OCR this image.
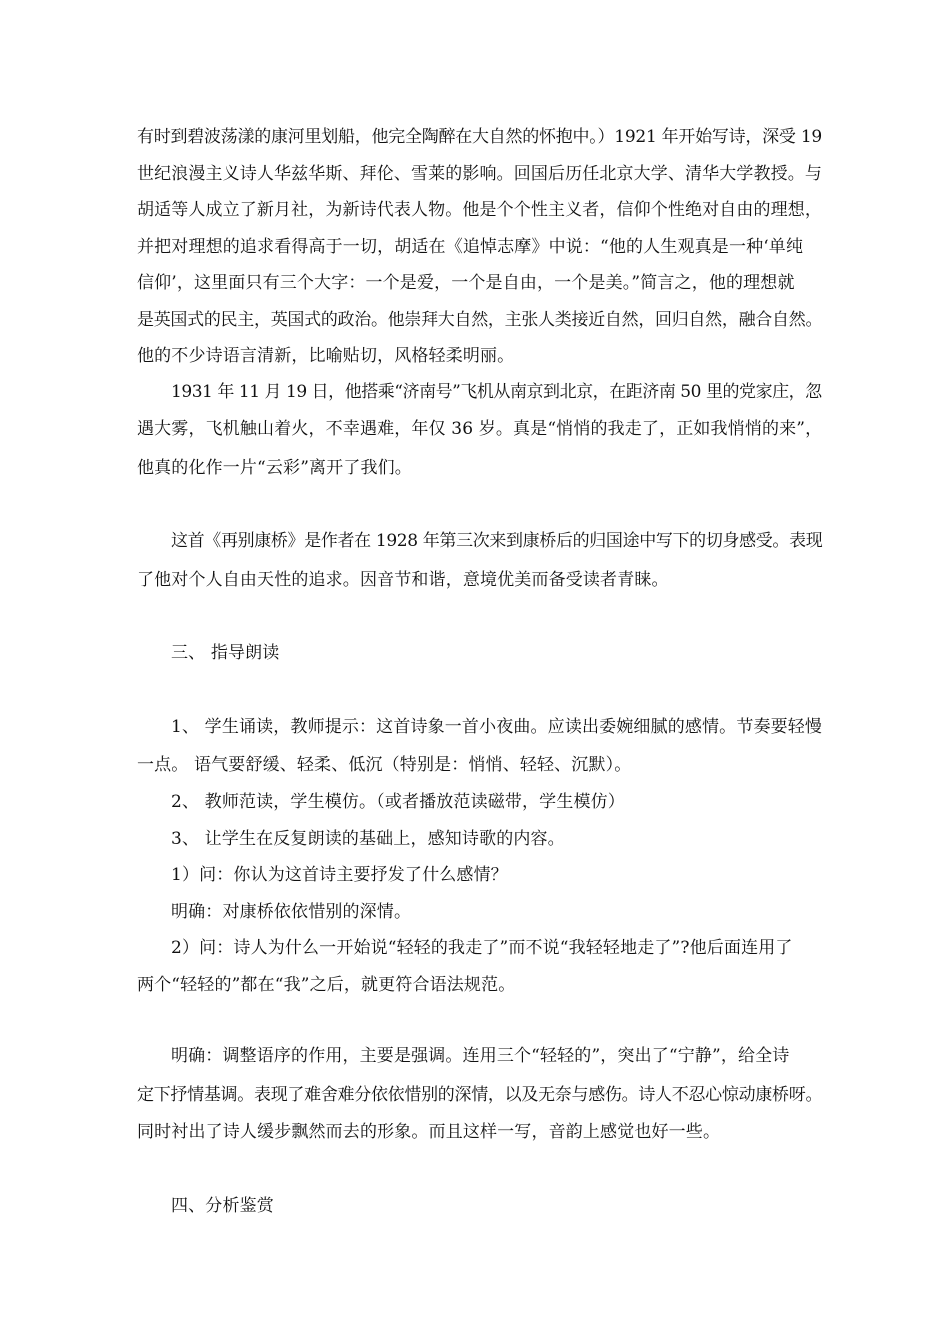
有时到碧波荡漾的康河里划船，他完全陶醉在大自然的怀抱中。）1921 年开始写诗，深受 19
世纪浪漫主义诗人华兹华斯、拜伦、雪莱的影响。回国后历任北京大学、清华大学教授。与
胡适等人成立了新月社，为新诗代表人物。他是个个性主义者，信仰个性绝对自由的理想，
并把对理想的追求看得高于一切，胡适在《追悼志摩》中说：“他的人生观真是一种‘单纯
信仰’，这里面只有三个大字：一个是爱，一个是自由，一个是美。”简言之，他的理想就
是英国式的民主，英国式的政治。他崇拜大自然，主张人类接近自然，回归自然，融合自然。
他的不少诗语言清新，比喻贴切，风格轻柔明丽。
1931 年 11 月 19 日，他搭乘“济南号”飞机从南京到北京，在距济南 50 里的党家庄，忽
遇大雾，飞机触山着火，不幸遇难，年仅 36 岁。真是“悄悄的我走了，正如我悄悄的来”，
他真的化作一片“云彩”离开了我们。
这首《再别康桥》是作者在 1928 年第三次来到康桥后的归国途中写下的切身感受。表现
了他对个人自由天性的追求。因音节和谐，意境优美而备受读者青睐。
三、 指导朗读
1、 学生诵读，教师提示：这首诗象一首小夜曲。应读出委婉细腻的感情。节奏要轻慢
一点。 语气要舒缓、轻柔、低沉（特别是：悄悄、轻轻、沉默）。
2、 教师范读，学生模仿。（或者播放范读磁带，学生模仿）
3、 让学生在反复朗读的基础上，感知诗歌的内容。
1）问：你认为这首诗主要抒发了什么感情？
明确：对康桥依依惜别的深情。
2）问：诗人为什么一开始说“轻轻的我走了”而不说“我轻轻地走了”?他后面连用了
两个“轻轻的”都在“我”之后，就更符合语法规范。
明确：调整语序的作用，主要是强调。连用三个“轻轻的”，突出了“宁静”，给全诗
定下抒情基调。表现了难舍难分依依惜别的深情，以及无奈与感伤。诗人不忍心惊动康桥呀。
同时衬出了诗人缓步飘然而去的形象。而且这样一写，音韵上感觉也好一些。
四、分析鉴赏
